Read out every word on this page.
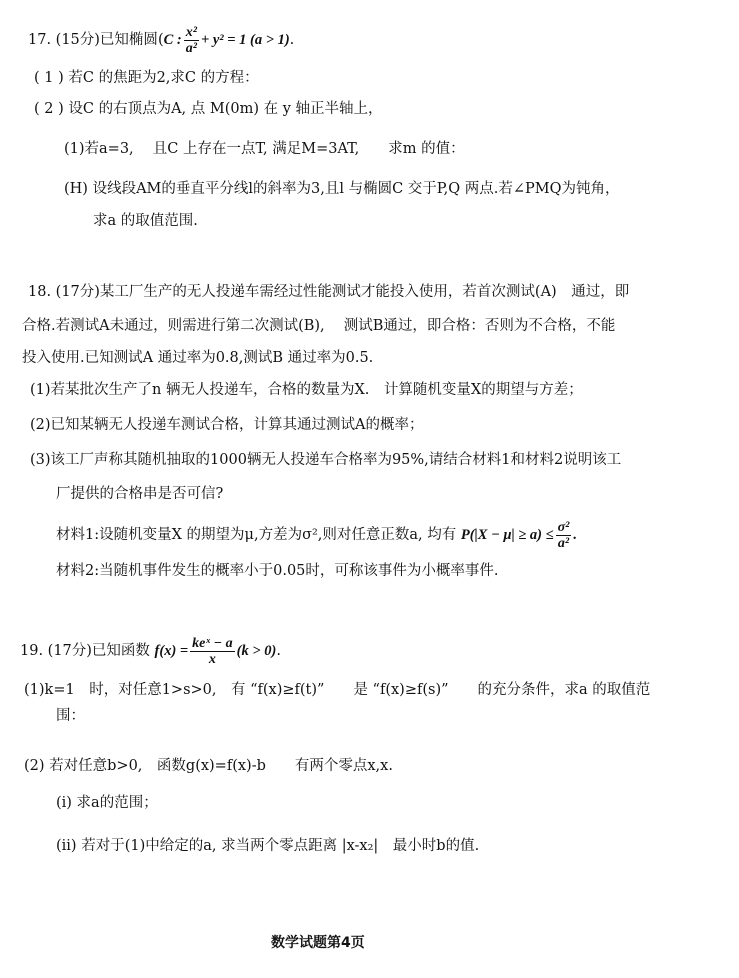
17. (15分)已知椭圆(C : $\frac{\text{x²}}{\text{a²}} + y^2 = 1$ (a > 1).
( 1 ) 若C 的焦距为2,求C 的方程：
( 2 ) 设C 的右顶点为A, 点 M(0m) 在 y 轴正半轴上，
(1)若a=3,　 且C 上存在一点T, 满足M=3AT,　　求m 的值：
(H) 设线段AM的垂直平分线l的斜率为3,且l 与椭圆C 交于P,Q 两点.若∠PMQ为钝角，
求a 的取值范围.
18. (17分)某工厂生产的无人投递车需经过性能测试才能投入使用，若首次测试(A)　通过，即
合格.若测试A未通过，则需进行第二次测试(B),　 测试B通过，即合格：否则为不合格，不能
投入使用.已知测试A 通过率为0.8,测试B 通过率为0.5.
(1)若某批次生产了n 辆无人投递车，合格的数量为X.　计算随机变量X的期望与方差；
(2)已知某辆无人投递车测试合格，计算其通过测试A的概率；
(3)该工厂声称其随机抽取的1000辆无人投递车合格率为95%,请结合材料1和材料2说明该工
厂提供的合格串是否可信?
材料1:设随机变量X 的期望为μ,方差为σ²,则对任意正数a, 均有 $P(|X - \mu| \ge a) \le \frac{\text{σ²}}{\text{a²}}$ .
材料2:当随机事件发生的概率小于0.05时，可称该事件为小概率事件.
19. (17分)已知函数 $f(x) = \frac{\text{keˣ − a}}{x} (k > 0)$.
(1)k=1　时，对任意1>s>0,　有 “f(x)≥f(t)”　　是 “f(x)≥f(s)”　　的充分条件，求a 的取值范
围：
(2) 若对任意b>0,　函数g(x)=f(x)-b　　有两个零点x,x.
(i) 求a的范围；
(ii) 若对于(1)中给定的a, 求当两个零点距离 |x-x₂|　最小时b的值.
数学试题第4页
